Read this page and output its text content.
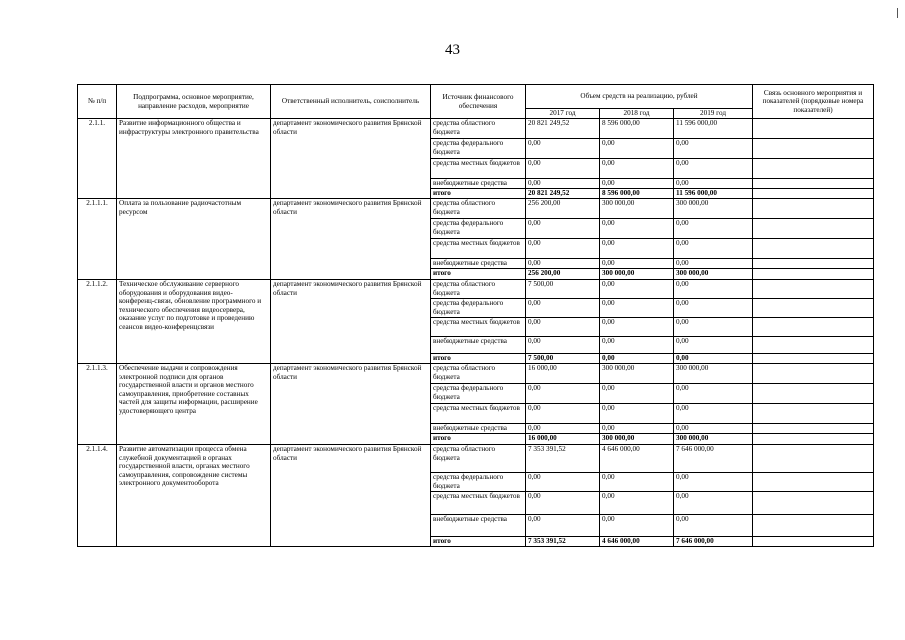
43
№ п/п	Подпрограмма, основное мероприятие, направление расходов, мероприятие	Ответственный исполнитель, соисполнитель	Источник финансового обеспечения	Объем средств на реализацию, рублей			Связь основного мероприятия и показателей (порядковые номера показателей)
				2017 год	2018 год	2019 год	
2.1.1.	Развитие информационного общества и инфраструктуры электронного правительства	департамент экономического развития Брянской области	средства областного бюджета	20 821 249,52	8 596 000,00	11 596 000,00	
			средства федерального бюджета	0,00	0,00	0,00	
			средства местных бюджетов	0,00	0,00	0,00	
			внебюджетные средства	0,00	0,00	0,00	
			итого	20 821 249,52	8 596 000,00	11 596 000,00	
2.1.1.1.	Оплата за пользование радиочастотным ресурсом	департамент экономического развития Брянской области	средства областного бюджета	256 200,00	300 000,00	300 000,00	
			средства федерального бюджета	0,00	0,00	0,00	
			средства местных бюджетов	0,00	0,00	0,00	
			внебюджетные средства	0,00	0,00	0,00	
			итого	256 200,00	300 000,00	300 000,00	
2.1.1.2.	Техническое обслуживание серверного оборудования и оборудования видео-конференц-связи, обновление программного и технического обеспечения видеосервера, оказание услуг по подготовке и проведению сеансов видео-конференцсвязи	департамент экономического развития Брянской области	средства областного бюджета	7 500,00	0,00	0,00	
			средства федерального бюджета	0,00	0,00	0,00	
			средства местных бюджетов	0,00	0,00	0,00	
			внебюджетные средства	0,00	0,00	0,00	
			итого	7 500,00	0,00	0,00	
2.1.1.3.	Обеспечение выдачи и сопровождения электронной подписи для органов государственной власти и органов местного самоуправления, приобретение составных частей для защиты информации, расширение удостоверяющего центра	департамент экономического развития Брянской области	средства областного бюджета	16 000,00	300 000,00	300 000,00	
			средства федерального бюджета	0,00	0,00	0,00	
			средства местных бюджетов	0,00	0,00	0,00	
			внебюджетные средства	0,00	0,00	0,00	
			итого	16 000,00	300 000,00	300 000,00	
2.1.1.4.	Развитие автоматизации процесса обмена служебной документацией в органах государственной власти, органах местного самоуправления, сопровождение системы электронного документооборота	департамент экономического развития Брянской области	средства областного бюджета	7 353 391,52	4 646 000,00	7 646 000,00	
			средства федерального бюджета	0,00	0,00	0,00	
			средства местных бюджетов	0,00	0,00	0,00	
			внебюджетные средства	0,00	0,00	0,00	
			итого	7 353 391,52	4 646 000,00	7 646 000,00	
